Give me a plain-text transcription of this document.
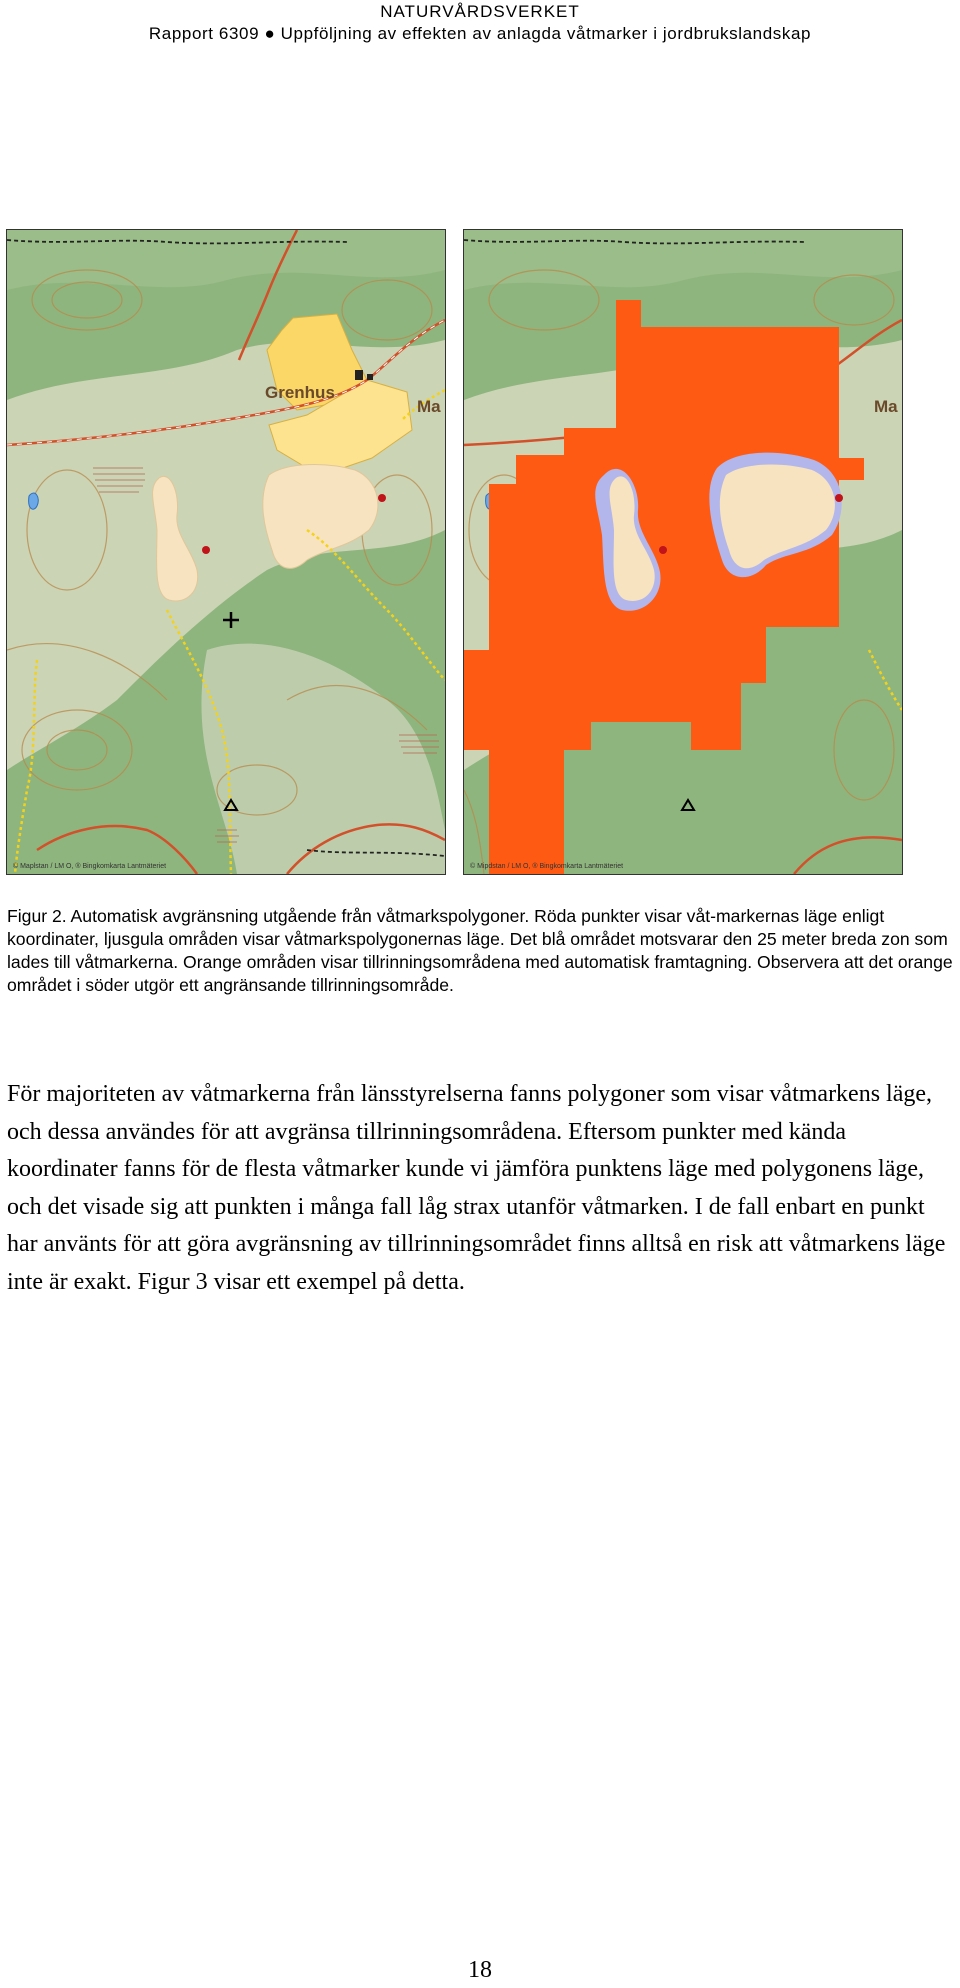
NATURVÅRDSVERKET
Rapport 6309 ● Uppföljning av effekten av anlagda våtmarker i jordbrukslandskap
Grenhus
Ma
© Maplstan / LM O, ® Bingkomkarta Lantmäteriet
Ma
© Mipdstan / LM O, ® Bingkomkarta Lantmäteriet
Figur 2. Automatisk avgränsning utgående från våtmarkspolygoner. Röda punkter visar våt-markernas läge enligt koordinater, ljusgula områden visar våtmarkspolygonernas läge. Det blå området motsvarar den 25 meter breda zon som lades till våtmarkerna. Orange områden visar tillrinningsområdena med automatisk framtagning. Observera att det orange området i söder utgör ett angränsande tillrinningsområde.
För majoriteten av våtmarkerna från länsstyrelserna fanns polygoner som visar våtmarkens läge, och dessa användes för att avgränsa tillrinningsområdena. Eftersom punkter med kända koordinater fanns för de flesta våtmarker kunde vi jämföra punktens läge med polygonens läge, och det visade sig att punkten i många fall låg strax utanför våtmarken. I de fall enbart en punkt har använts för att göra avgränsning av tillrinningsområdet finns alltså en risk att våtmarkens läge inte är exakt. Figur 3 visar ett exempel på detta.
18
